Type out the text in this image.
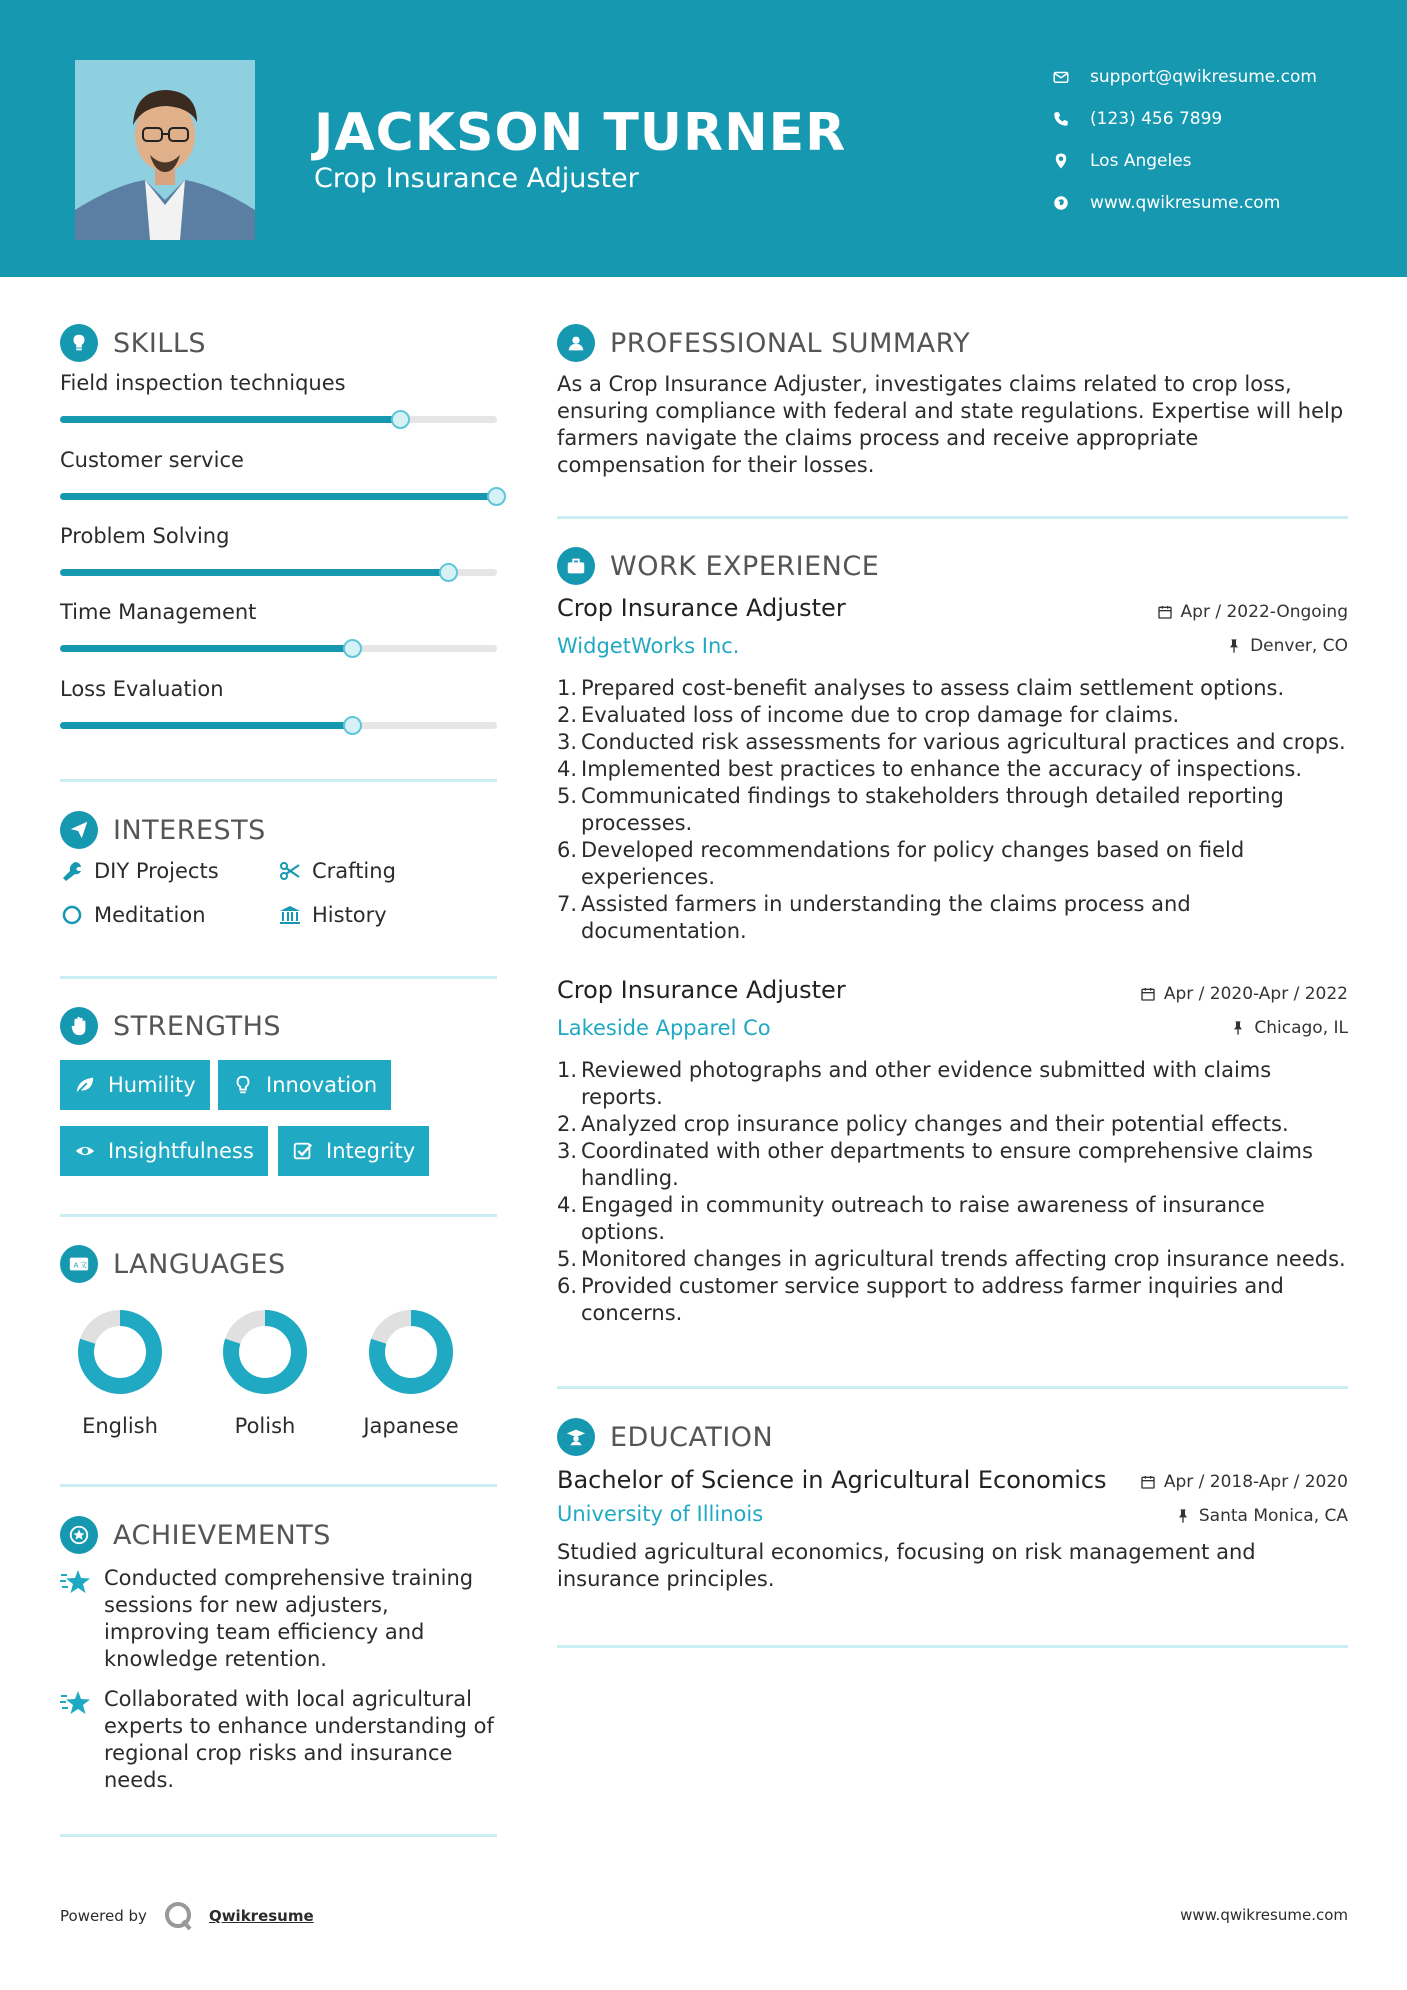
JACKSON TURNER
Crop Insurance Adjuster
support@qwikresume.com
(123) 456 7899
Los Angeles
www.qwikresume.com
SKILLS
Field inspection techniques
Customer service
Problem Solving
Time Management
Loss Evaluation
INTERESTS
DIY Projects	Crafting
Meditation	History
STRENGTHS
Humility	Innovation
Insightfulness	Integrity
A 文 LANGUAGES
English	Polish	Japanese
ACHIEVEMENTS
Conducted comprehensive training sessions for new adjusters, improving team efficiency and knowledge retention.
Collaborated with local agricultural experts to enhance understanding of regional crop risks and insurance needs.
PROFESSIONAL SUMMARY
As a Crop Insurance Adjuster, investigates claims related to crop loss, ensuring compliance with federal and state regulations. Expertise will help farmers navigate the claims process and receive appropriate compensation for their losses.
WORK EXPERIENCE
Crop Insurance Adjuster	Apr / 2022-Ongoing
WidgetWorks Inc.	Denver, CO
1. Prepared cost-benefit analyses to assess claim settlement options.
2. Evaluated loss of income due to crop damage for claims.
3. Conducted risk assessments for various agricultural practices and crops.
4. Implemented best practices to enhance the accuracy of inspections.
5. Communicated findings to stakeholders through detailed reporting processes.
6. Developed recommendations for policy changes based on field experiences.
7. Assisted farmers in understanding the claims process and documentation.
Crop Insurance Adjuster	Apr / 2020-Apr / 2022
Lakeside Apparel Co	Chicago, IL
1. Reviewed photographs and other evidence submitted with claims reports.
2. Analyzed crop insurance policy changes and their potential effects.
3. Coordinated with other departments to ensure comprehensive claims handling.
4. Engaged in community outreach to raise awareness of insurance options.
5. Monitored changes in agricultural trends affecting crop insurance needs.
6. Provided customer service support to address farmer inquiries and concerns.
EDUCATION
Bachelor of Science in Agricultural Economics	Apr / 2018-Apr / 2020
University of Illinois	Santa Monica, CA
Studied agricultural economics, focusing on risk management and insurance principles.
Powered by	Qwikresume	www.qwikresume.com
